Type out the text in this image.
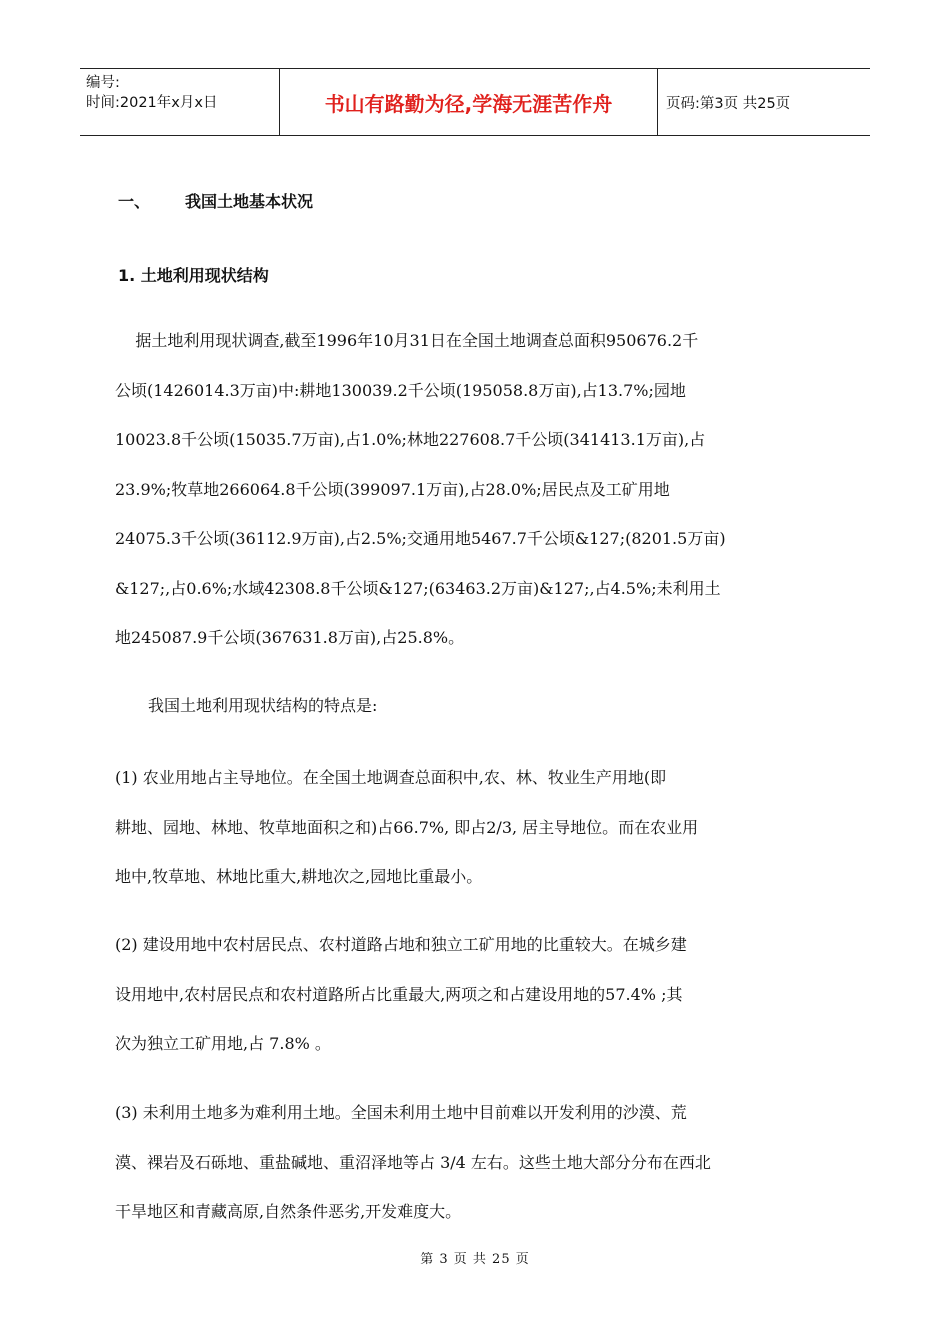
编号:
时间:2021年x月x日	书山有路勤为径,学海无涯苦作舟	页码:第3页 共25页
一、 我国土地基本状况
1. 土地利用现状结构
据土地利用现状调查,截至1996年10月31日在全国土地调查总面积950676.2千
公顷(1426014.3万亩)中:耕地130039.2千公顷(195058.8万亩),占13.7%;园地
10023.8千公顷(15035.7万亩),占1.0%;林地227608.7千公顷(341413.1万亩),占
23.9%;牧草地266064.8千公顷(399097.1万亩),占28.0%;居民点及工矿用地
24075.3千公顷(36112.9万亩),占2.5%;交通用地5467.7千公顷&127;(8201.5万亩)
&127;,占0.6%;水域42308.8千公顷&127;(63463.2万亩)&127;,占4.5%;未利用土
地245087.9千公顷(367631.8万亩),占25.8%。
我国土地利用现状结构的特点是:
(1) 农业用地占主导地位。在全国土地调查总面积中,农、林、牧业生产用地(即
耕地、园地、林地、牧草地面积之和)占66.7%, 即占2/3, 居主导地位。而在农业用
地中,牧草地、林地比重大,耕地次之,园地比重最小。
(2) 建设用地中农村居民点、农村道路占地和独立工矿用地的比重较大。在城乡建
设用地中,农村居民点和农村道路所占比重最大,两项之和占建设用地的57.4% ;其
次为独立工矿用地,占 7.8% 。
(3) 未利用土地多为难利用土地。全国未利用土地中目前难以开发利用的沙漠、荒
漠、裸岩及石砾地、重盐碱地、重沼泽地等占 3/4 左右。这些土地大部分分布在西北
干旱地区和青藏高原,自然条件恶劣,开发难度大。
第 3 页 共 25 页
